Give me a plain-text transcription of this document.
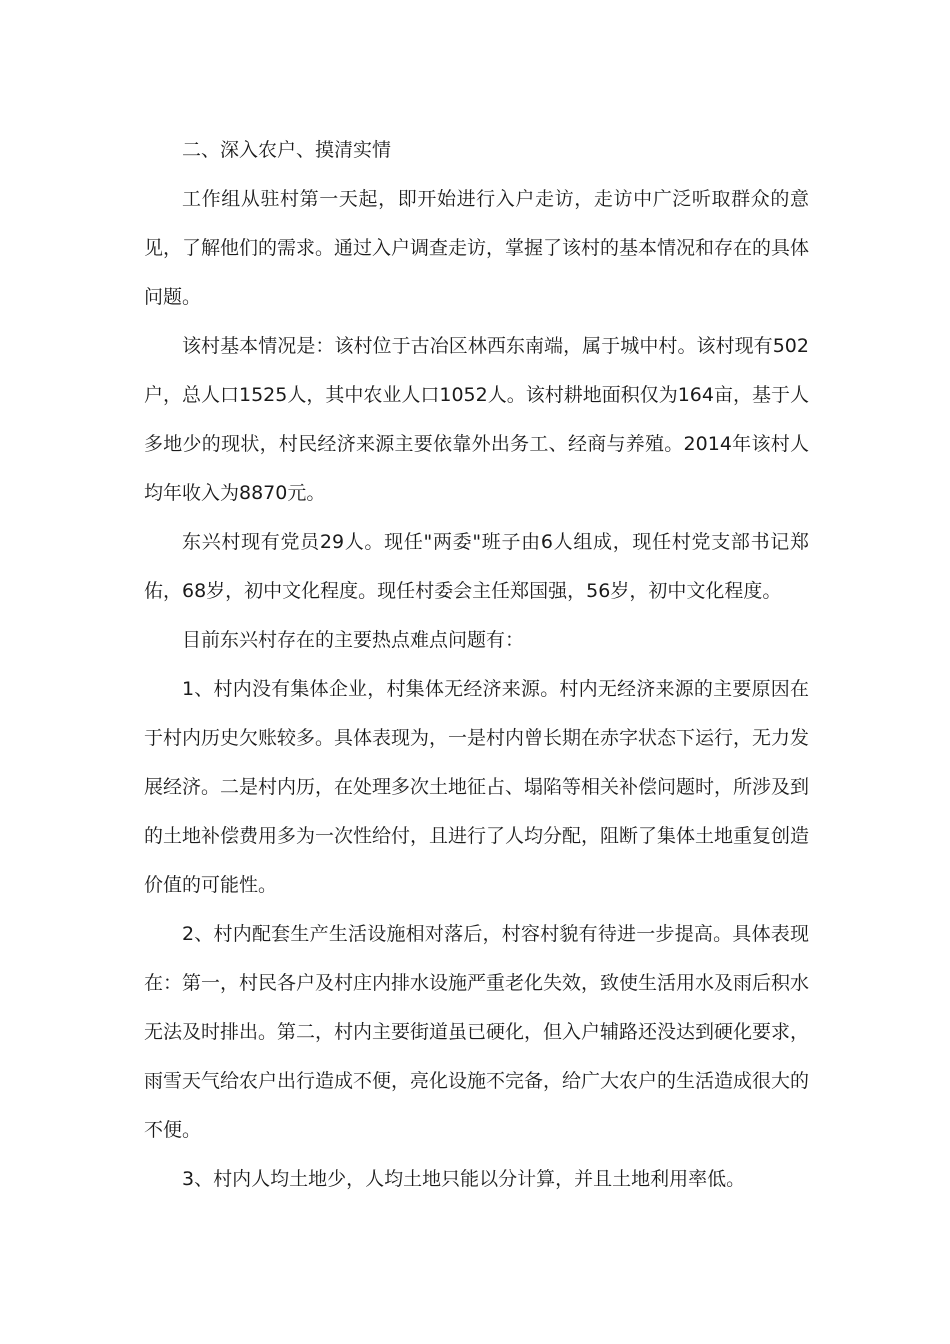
二、深入农户、摸清实情

工作组从驻村第一天起，即开始进行入户走访，走访中广泛听取群众的意见，了解他们的需求。通过入户调查走访，掌握了该村的基本情况和存在的具体问题。

该村基本情况是：该村位于古冶区林西东南端，属于城中村。该村现有502户，总人口1525人，其中农业人口1052人。该村耕地面积仅为164亩，基于人多地少的现状，村民经济来源主要依靠外出务工、经商与养殖。2014年该村人均年收入为8870元。

东兴村现有党员29人。现任"两委"班子由6人组成，现任村党支部书记郑佑，68岁，初中文化程度。现任村委会主任郑国强，56岁，初中文化程度。

目前东兴村存在的主要热点难点问题有：

1、村内没有集体企业，村集体无经济来源。村内无经济来源的主要原因在于村内历史欠账较多。具体表现为，一是村内曾长期在赤字状态下运行，无力发展经济。二是村内历，在处理多次土地征占、塌陷等相关补偿问题时，所涉及到的土地补偿费用多为一次性给付，且进行了人均分配，阻断了集体土地重复创造价值的可能性。

2、村内配套生产生活设施相对落后，村容村貌有待进一步提高。具体表现在：第一，村民各户及村庄内排水设施严重老化失效，致使生活用水及雨后积水无法及时排出。第二，村内主要街道虽已硬化，但入户辅路还没达到硬化要求，雨雪天气给农户出行造成不便，亮化设施不完备，给广大农户的生活造成很大的不便。

3、村内人均土地少，人均土地只能以分计算，并且土地利用率低。
